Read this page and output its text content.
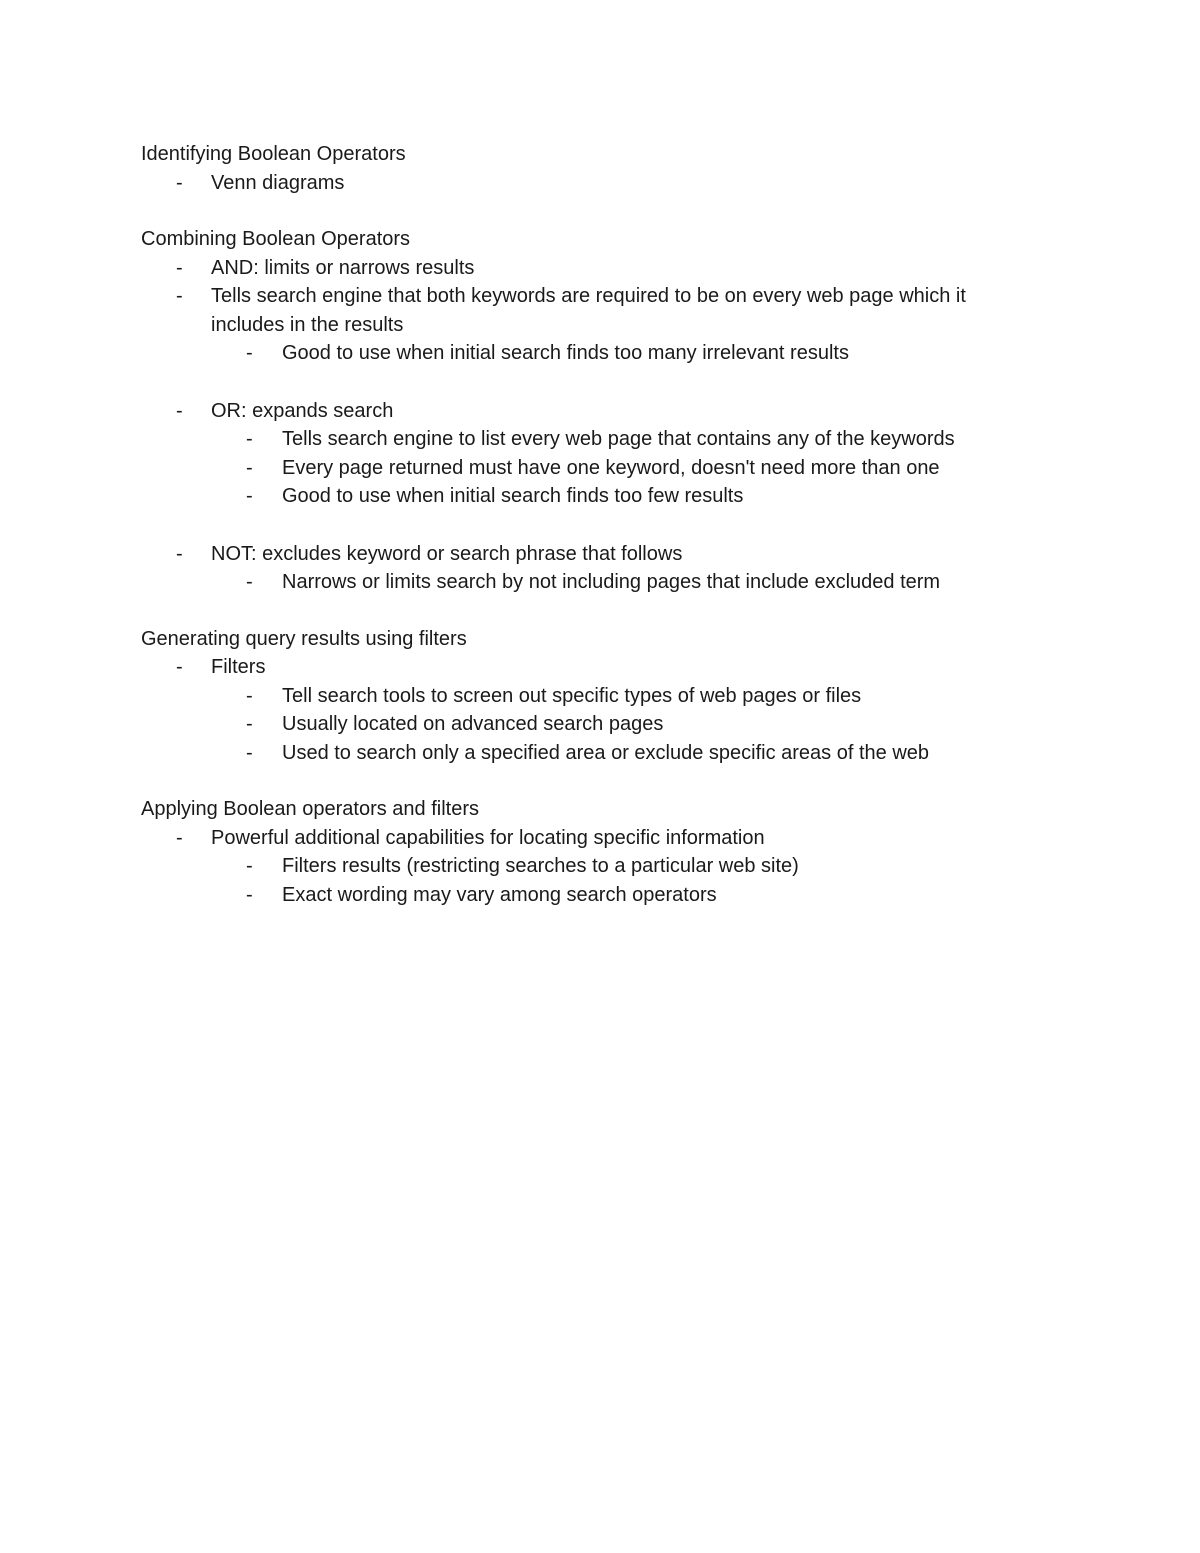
Identifying Boolean Operators

-	Venn diagrams

Combining Boolean Operators

-	AND: limits or narrows results

-	Tells search engine that both keywords are required to be on every web page which it includes in the results

-	Good to use when initial search finds too many irrelevant results

-	OR: expands search

-	Tells search engine to list every web page that contains any of the keywords

-	Every page returned must have one keyword, doesn't need more than one

-	Good to use when initial search finds too few results

-	NOT: excludes keyword or search phrase that follows

-	Narrows or limits search by not including pages that include excluded term

Generating query results using filters

-	Filters

-	Tell search tools to screen out specific types of web pages or files

-	Usually located on advanced search pages

-	Used to search only a specified area or exclude specific areas of the web

Applying Boolean operators and filters

-	Powerful additional capabilities for locating specific information

-	Filters results (restricting searches to a particular web site)

-	Exact wording may vary among search operators
